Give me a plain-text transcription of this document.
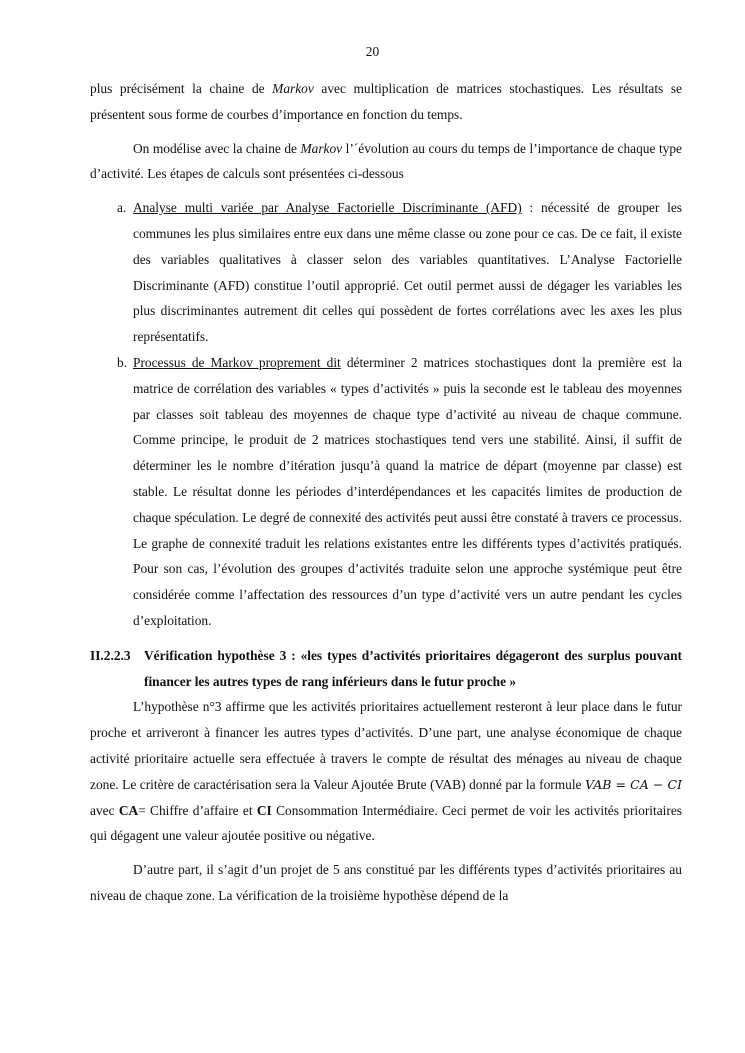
20

plus précisément la chaine de Markov avec multiplication de matrices stochastiques. Les résultats se présentent sous forme de courbes d’importance en fonction du temps.

On modélise avec la chaine de Markov l’´évolution au cours du temps de l’importance de chaque type d’activité. Les étapes de calculs sont présentées ci-dessous

a. Analyse multi variée par Analyse Factorielle Discriminante (AFD) : nécessité de grouper les communes les plus similaires entre eux dans une même classe ou zone pour ce cas. De ce fait, il existe des variables qualitatives à classer selon des variables quantitatives. L’Analyse Factorielle Discriminante (AFD) constitue l’outil approprié. Cet outil permet aussi de dégager les variables les plus discriminantes autrement dit celles qui possèdent de fortes corrélations avec les axes les plus représentatifs.
b. Processus de Markov proprement dit déterminer 2 matrices stochastiques dont la première est la matrice de corrélation des variables « types d’activités » puis la seconde est le tableau des moyennes par classes soit tableau des moyennes de chaque type d’activité au niveau de chaque commune. Comme principe, le produit de 2 matrices stochastiques tend vers une stabilité. Ainsi, il suffit de déterminer les le nombre d’itération jusqu’à quand la matrice de départ (moyenne par classe) est stable. Le résultat donne les périodes d’interdépendances et les capacités limites de production de chaque spéculation. Le degré de connexité des activités peut aussi être constaté à travers ce processus. Le graphe de connexité traduit les relations existantes entre les différents types d’activités pratiqués. Pour son cas, l’évolution des groupes d’activités traduite selon une approche systémique peut être considérée comme l’affectation des ressources d’un type d’activité vers un autre pendant les cycles d’exploitation.

II.2.2.3 Vérification hypothèse 3 : «les types d’activités prioritaires dégageront des surplus pouvant financer les autres types de rang inférieurs dans le futur proche »

L’hypothèse n°3 affirme que les activités prioritaires actuellement resteront à leur place dans le futur proche et arriveront à financer les autres types d’activités. D’une part, une analyse économique de chaque activité prioritaire actuelle sera effectuée à travers le compte de résultat des ménages au niveau de chaque zone. Le critère de caractérisation sera la Valeur Ajoutée Brute (VAB) donné par la formule VAB = CA − CI avec CA= Chiffre d’affaire et CI Consommation Intermédiaire. Ceci permet de voir les activités prioritaires qui dégagent une valeur ajoutée positive ou négative.

D’autre part, il s’agit d’un projet de 5 ans constitué par les différents types d’activités prioritaires au niveau de chaque zone. La vérification de la troisième hypothèse dépend de la
